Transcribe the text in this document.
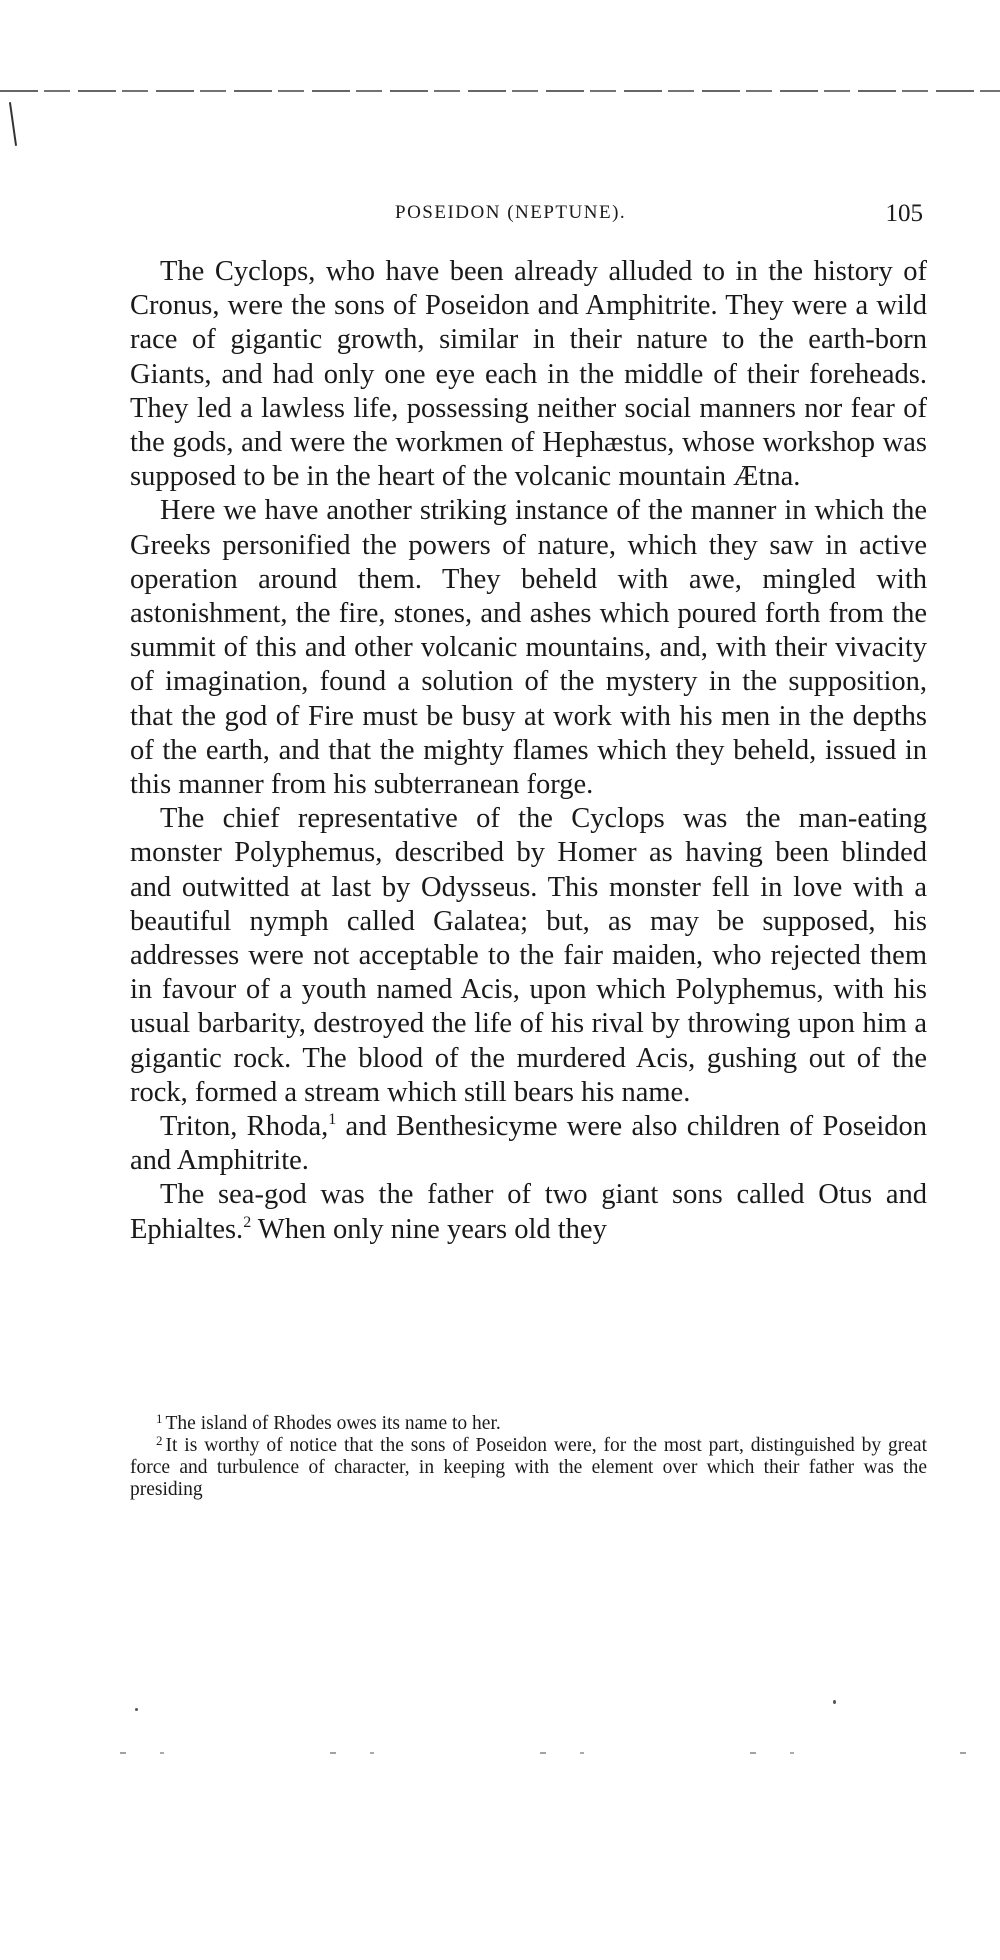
POSEIDON (NEPTUNE).	105

The Cyclops, who have been already alluded to in the history of Cronus, were the sons of Poseidon and Amphitrite. They were a wild race of gigantic growth, similar in their nature to the earth-born Giants, and had only one eye each in the middle of their foreheads. They led a lawless life, possessing neither social manners nor fear of the gods, and were the workmen of Hephæstus, whose workshop was supposed to be in the heart of the volcanic mountain Ætna.

Here we have another striking instance of the manner in which the Greeks personified the powers of nature, which they saw in active operation around them. They beheld with awe, mingled with astonishment, the fire, stones, and ashes which poured forth from the summit of this and other volcanic mountains, and, with their vivacity of imagination, found a solution of the mystery in the supposition, that the god of Fire must be busy at work with his men in the depths of the earth, and that the mighty flames which they beheld, issued in this manner from his subterranean forge.

The chief representative of the Cyclops was the man-eating monster Polyphemus, described by Homer as having been blinded and outwitted at last by Odysseus. This monster fell in love with a beautiful nymph called Galatea; but, as may be supposed, his addresses were not acceptable to the fair maiden, who rejected them in favour of a youth named Acis, upon which Polyphemus, with his usual barbarity, destroyed the life of his rival by throwing upon him a gigantic rock. The blood of the murdered Acis, gushing out of the rock, formed a stream which still bears his name.

Triton, Rhoda,$^1$ and Benthesicyme were also children of Poseidon and Amphitrite.

The sea-god was the father of two giant sons called Otus and Ephialtes.$^2$ When only nine years old they

$^1$ The island of Rhodes owes its name to her.

$^2$ It is worthy of notice that the sons of Poseidon were, for the most part, distinguished by great force and turbulence of character, in keeping with the element over which their father was the presiding
